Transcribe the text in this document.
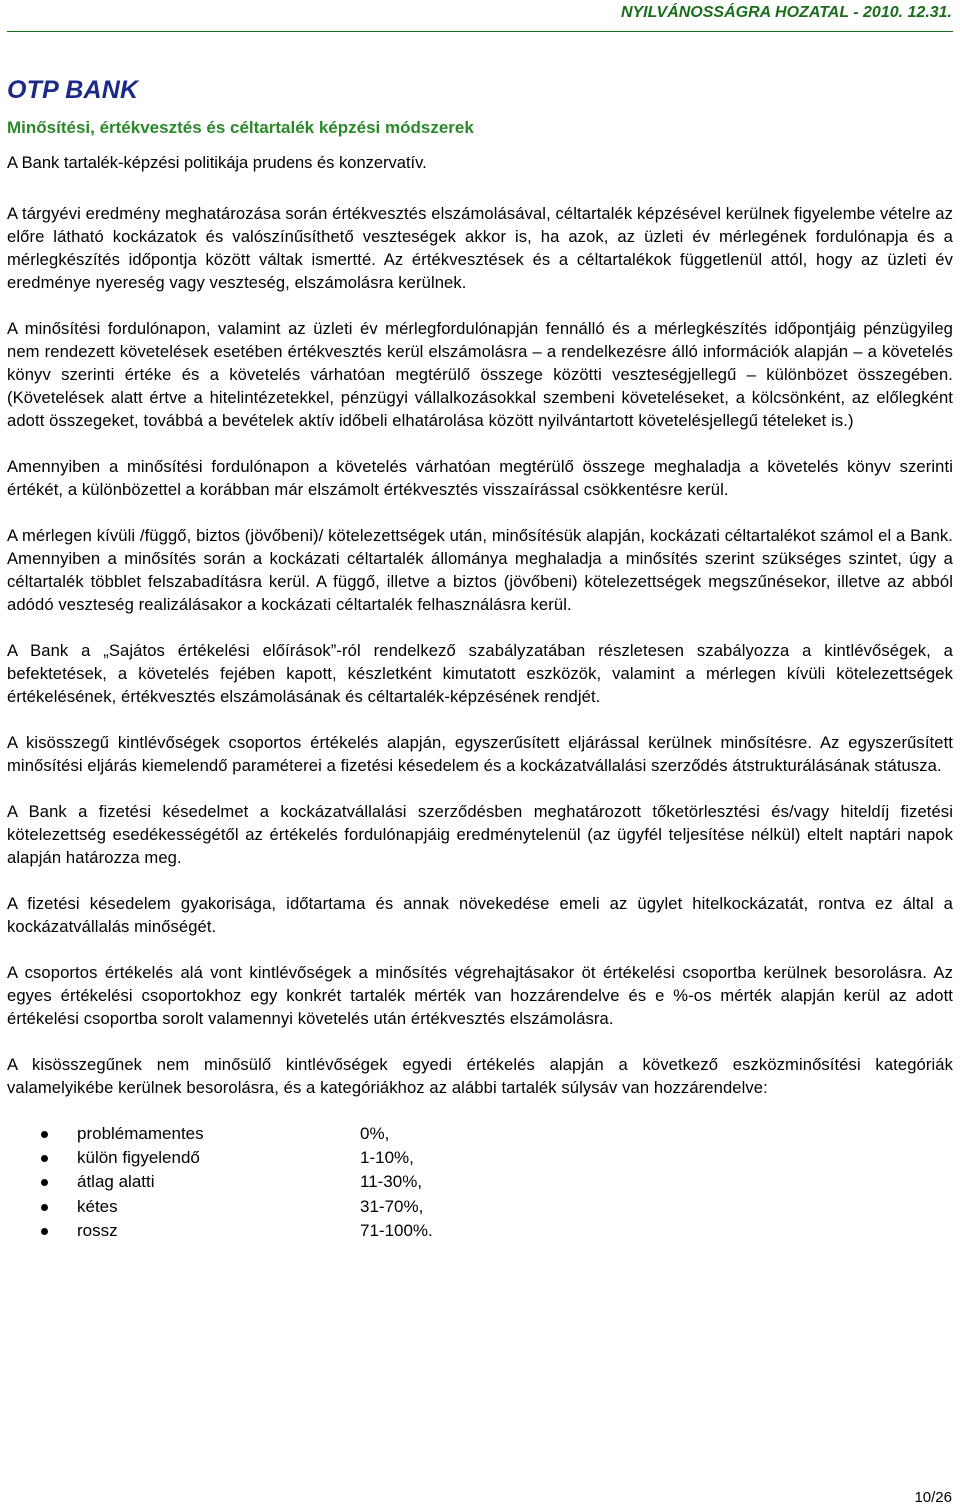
NYILVÁNOSSÁGRA HOZATAL - 2010. 12.31.
OTP BANK
Minősítési, értékvesztés és céltartalék képzési módszerek
A Bank tartalék-képzési politikája prudens és konzervatív.

A tárgyévi eredmény meghatározása során értékvesztés elszámolásával, céltartalék képzésével kerülnek figyelembe vételre az előre látható kockázatok és valószínűsíthető veszteségek akkor is, ha azok, az üzleti év mérlegének fordulónapja és a mérlegkészítés időpontja között váltak ismertté. Az értékvesztések és a céltartalékok függetlenül attól, hogy az üzleti év eredménye nyereség vagy veszteség, elszámolásra kerülnek.

A minősítési fordulónapon, valamint az üzleti év mérlegfordulónapján fennálló és a mérlegkészítés időpontjáig pénzügyileg nem rendezett követelések esetében értékvesztés kerül elszámolásra – a rendelkezésre álló információk alapján – a követelés könyv szerinti értéke és a követelés várhatóan megtérülő összege közötti veszteségjellegű – különbözet összegében. (Követelések alatt értve a hitelintézetekkel, pénzügyi vállalkozásokkal szembeni követeléseket, a kölcsönként, az előlegként adott összegeket, továbbá a bevételek aktív időbeli elhatárolása között nyilvántartott követelésjellegű tételeket is.)

Amennyiben a minősítési fordulónapon a követelés várhatóan megtérülő összege meghaladja a követelés könyv szerinti értékét, a különbözettel a korábban már elszámolt értékvesztés visszaírással csökkentésre kerül.

A mérlegen kívüli /függő, biztos (jövőbeni)/ kötelezettségek után, minősítésük alapján, kockázati céltartalékot számol el a Bank. Amennyiben a minősítés során a kockázati céltartalék állománya meghaladja a minősítés szerint szükséges szintet, úgy a céltartalék többlet felszabadításra kerül. A függő, illetve a biztos (jövőbeni) kötelezettségek megszűnésekor, illetve az abból adódó veszteség realizálásakor a kockázati céltartalék felhasználásra kerül.

A Bank a „Sajátos értékelési előírások”-ról rendelkező szabályzatában részletesen szabályozza a kintlévőségek, a befektetések, a követelés fejében kapott, készletként kimutatott eszközök, valamint a mérlegen kívüli kötelezettségek értékelésének, értékvesztés elszámolásának és céltartalék-képzésének rendjét.

A kisösszegű kintlévőségek csoportos értékelés alapján, egyszerűsített eljárással kerülnek minősítésre. Az egyszerűsített minősítési eljárás kiemelendő paraméterei a fizetési késedelem és a kockázatvállalási szerződés átstrukturálásának státusza.

A Bank a fizetési késedelmet a kockázatvállalási szerződésben meghatározott tőketörlesztési és/vagy hiteldíj fizetési kötelezettség esedékességétől az értékelés fordulónapjáig eredménytelenül (az ügyfél teljesítése nélkül) eltelt naptári napok alapján határozza meg.

A fizetési késedelem gyakorisága, időtartama és annak növekedése emeli az ügylet hitelkockázatát, rontva ez által a kockázatvállalás minőségét.

A csoportos értékelés alá vont kintlévőségek a minősítés végrehajtásakor öt értékelési csoportba kerülnek besorolásra. Az egyes értékelési csoportokhoz egy konkrét tartalék mérték van hozzárendelve és e %-os mérték alapján kerül az adott értékelési csoportba sorolt valamennyi követelés után értékvesztés elszámolásra.

A kisösszegűnek nem minősülő kintlévőségek egyedi értékelés alapján a következő eszközminősítési kategóriák valamelyikébe kerülnek besorolásra, és a kategóriákhoz az alábbi tartalék súlysáv van hozzárendelve:

problémamentes	0%,
külön figyelendő	1-10%,
átlag alatti	11-30%,
kétes	31-70%,
rossz	71-100%.
10/26
